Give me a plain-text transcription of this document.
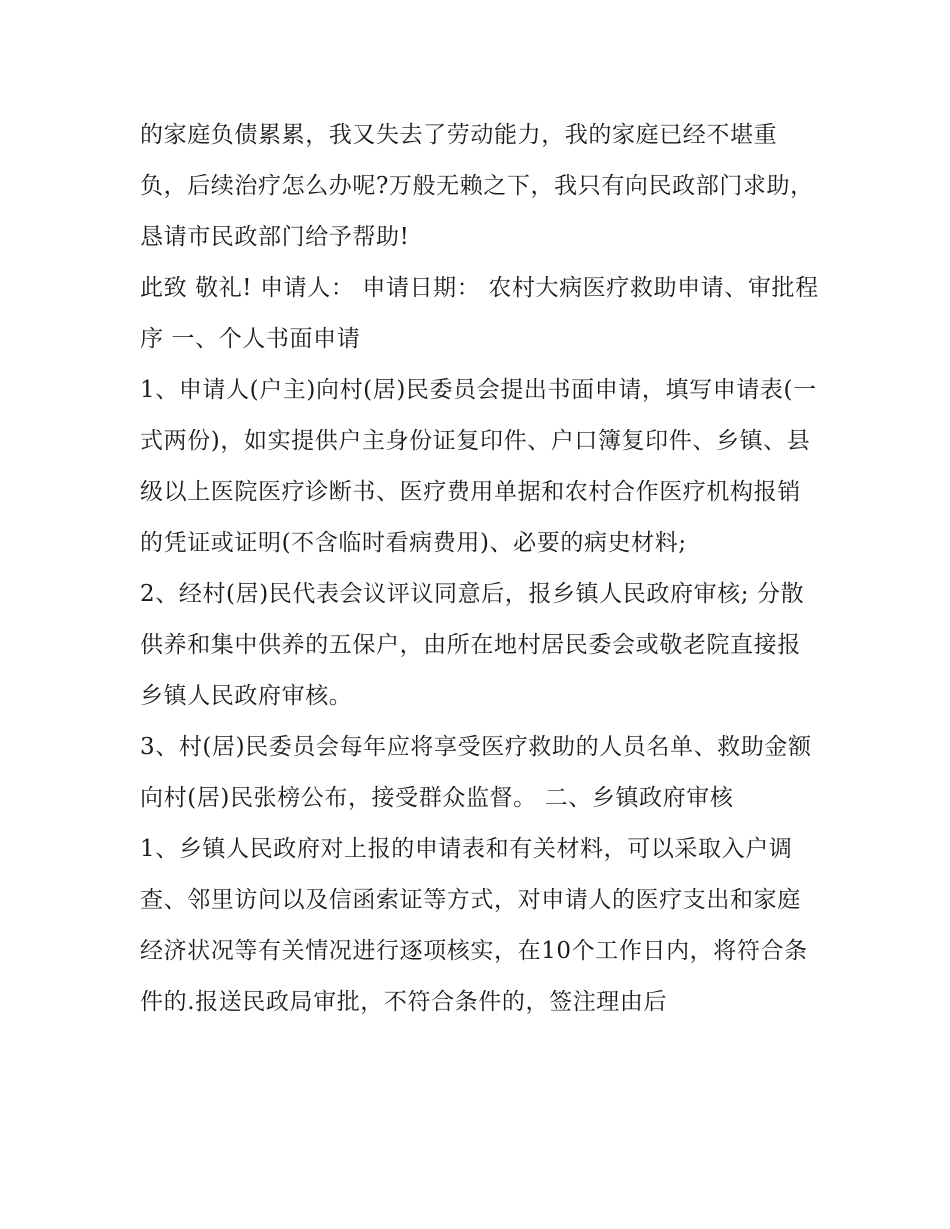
的家庭负债累累，我又失去了劳动能力，我的家庭已经不堪重负，后续治疗怎么办呢?万般无赖之下，我只有向民政部门求助，恳请市民政部门给予帮助!

此致 敬礼! 申请人： 申请日期： 农村大病医疗救助申请、审批程序 一、个人书面申请

1、申请人(户主)向村(居)民委员会提出书面申请，填写申请表(一式两份)，如实提供户主身份证复印件、户口簿复印件、乡镇、县级以上医院医疗诊断书、医疗费用单据和农村合作医疗机构报销的凭证或证明(不含临时看病费用)、必要的病史材料;

2、经村(居)民代表会议评议同意后，报乡镇人民政府审核; 分散供养和集中供养的五保户，由所在地村居民委会或敬老院直接报乡镇人民政府审核。

3、村(居)民委员会每年应将享受医疗救助的人员名单、救助金额向村(居)民张榜公布，接受群众监督。 二、乡镇政府审核

1、乡镇人民政府对上报的申请表和有关材料，可以采取入户调查、邻里访问以及信函索证等方式，对申请人的医疗支出和家庭经济状况等有关情况进行逐项核实，在10个工作日内，将符合条件的.报送民政局审批，不符合条件的，签注理由后
